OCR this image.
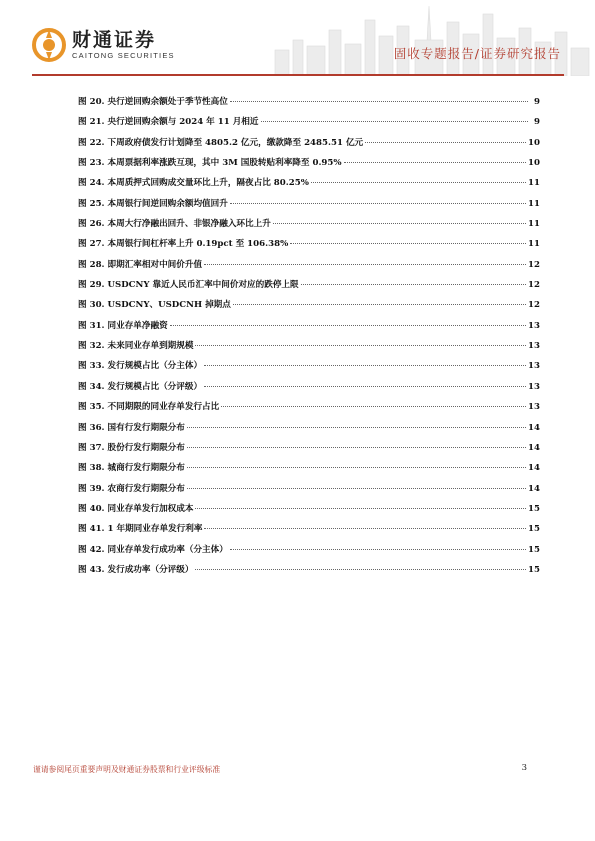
财通证券
CAITONG SECURITIES	固收专题报告/证券研究报告
图 20. 央行逆回购余额处于季节性高位	9
图 21. 央行逆回购余额与 2024 年 11 月相近	9
图 22. 下周政府债发行计划降至 4805.2 亿元，缴款降至 2485.51 亿元	10
图 23. 本周票据利率涨跌互现，其中 3M 国股转贴利率降至 0.95%	10
图 24. 本周质押式回购成交量环比上升，隔夜占比 80.25%	11
图 25. 本周银行间逆回购余额均值回升	11
图 26. 本周大行净融出回升、非银净融入环比上升	11
图 27. 本周银行间杠杆率上升 0.19pct 至 106.38%	11
图 28. 即期汇率相对中间价升值	12
图 29. USDCNY 靠近人民币汇率中间价对应的跌停上限	12
图 30. USDCNY、USDCNH 掉期点	12
图 31. 同业存单净融资	13
图 32. 未来同业存单到期规模	13
图 33. 发行规模占比（分主体）	13
图 34. 发行规模占比（分评级）	13
图 35. 不同期限的同业存单发行占比	13
图 36. 国有行发行期限分布	14
图 37. 股份行发行期限分布	14
图 38. 城商行发行期限分布	14
图 39. 农商行发行期限分布	14
图 40. 同业存单发行加权成本	15
图 41. 1 年期同业存单发行利率	15
图 42. 同业存单发行成功率（分主体）	15
图 43. 发行成功率（分评级）	15
谨请参阅尾页重要声明及财通证券股票和行业评级标准	3
